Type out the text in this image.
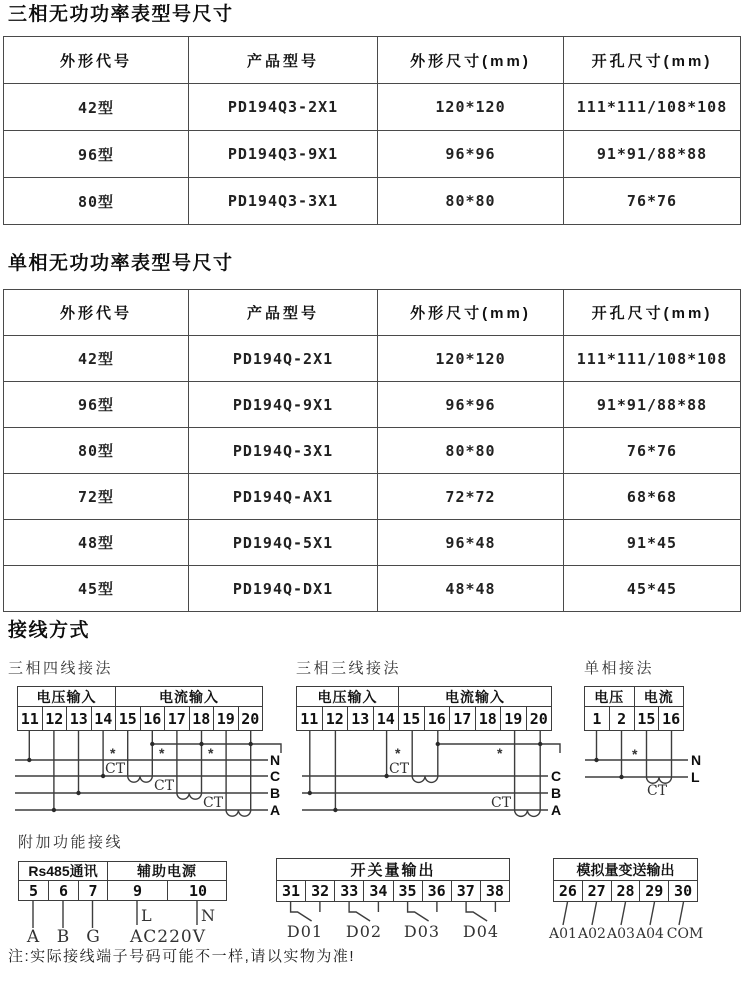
三相无功功率表型号尺寸
单相无功功率表型号尺寸
接线方式
附加功能接线
外形代号	产品型号	外形尺寸(mm)	开孔尺寸(mm)
42型	PD194Q3-2X1	120*120	111*111/108*108
96型	PD194Q3-9X1	96*96	91*91/88*88
80型	PD194Q3-3X1	80*80	76*76
外形代号	产品型号	外形尺寸(mm)	开孔尺寸(mm)
42型	PD194Q-2X1	120*120	111*111/108*108
96型	PD194Q-9X1	96*96	91*91/88*88
80型	PD194Q-3X1	80*80	76*76
72型	PD194Q-AX1	72*72	68*68
48型	PD194Q-5X1	96*48	91*45
45型	PD194Q-DX1	48*48	45*45
三相四线接法	三相三线接法	单相接法
电压输入	电流输入
11 12 13 14 15 16 17 18 19 20
电压输入	电流输入
11 12 13 14 15 16 17 18 19 20
电压	电流
1	2 15 16
Rs485通讯	辅助电源
5	6	7	9	10
开关量输出
31 32 33 34 35 36 37 38
模拟量变送输出
26 27 28 29 30
N
C
B
A
CT
CT
CT
*	*	*
C
B
A
CT
CT
*	*	N
L
CT
*
A B G
L	N
AC220V	D01 D02 D03 D04	A01 A02 A03 A04 COM
注:实际接线端子号码可能不一样,请以实物为准!
